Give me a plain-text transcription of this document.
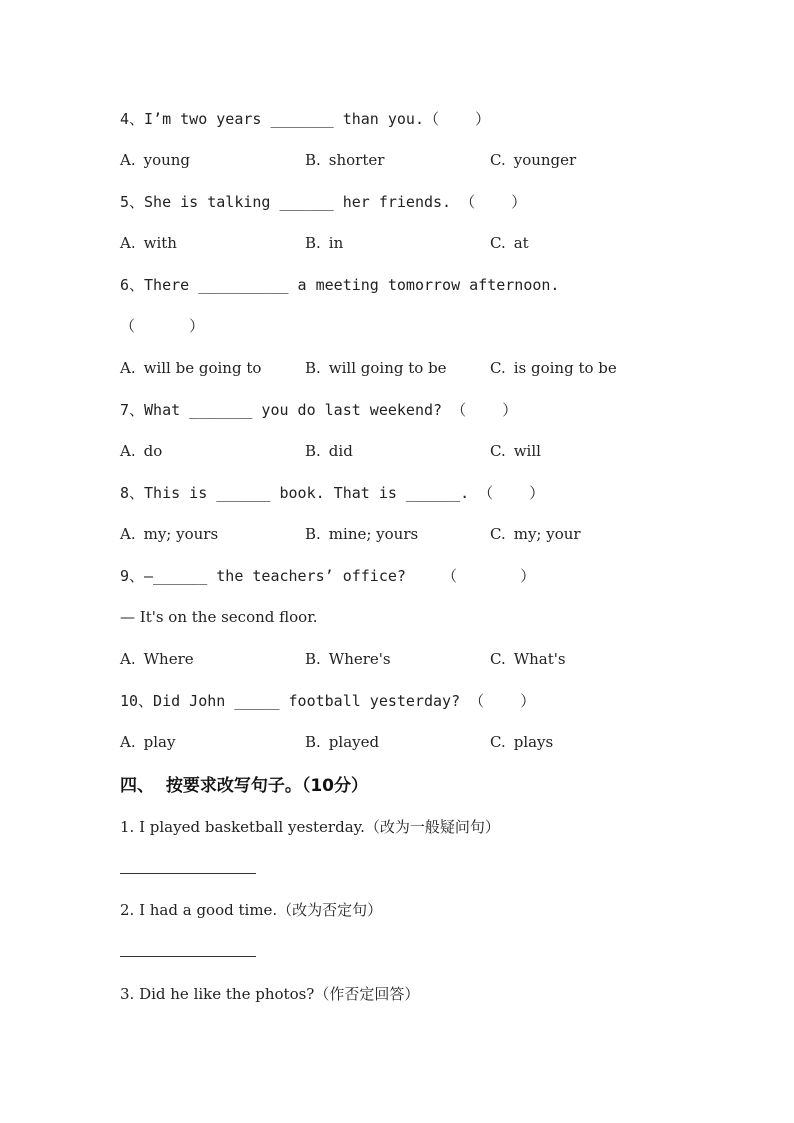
4、I’m two years _______ than you.（    ）
A. young	B. shorter	C. younger
5、She is talking ______ her friends. （    ）
A. with	B. in	C. at
6、There __________ a meeting tomorrow afternoon.
（      ）
A. will be going to	B. will going to be	C. is going to be
7、What _______ you do last weekend? （    ）
A. do	B. did	C. will
8、This is ______ book. That is ______. （    ）
A. my; yours	B. mine; yours	C. my; your
9、—______ the teachers’ office?    （       ）
— It's on the second floor.
A. Where	B. Where's	C. What's
10、Did John _____ football yesterday? （    ）
A. play	B. played	C. plays
四、  按要求改写句子。（10分）
1. I played basketball yesterday.（改为一般疑问句）
2. I had a good time.（改为否定句）
3. Did he like the photos?（作否定回答）
